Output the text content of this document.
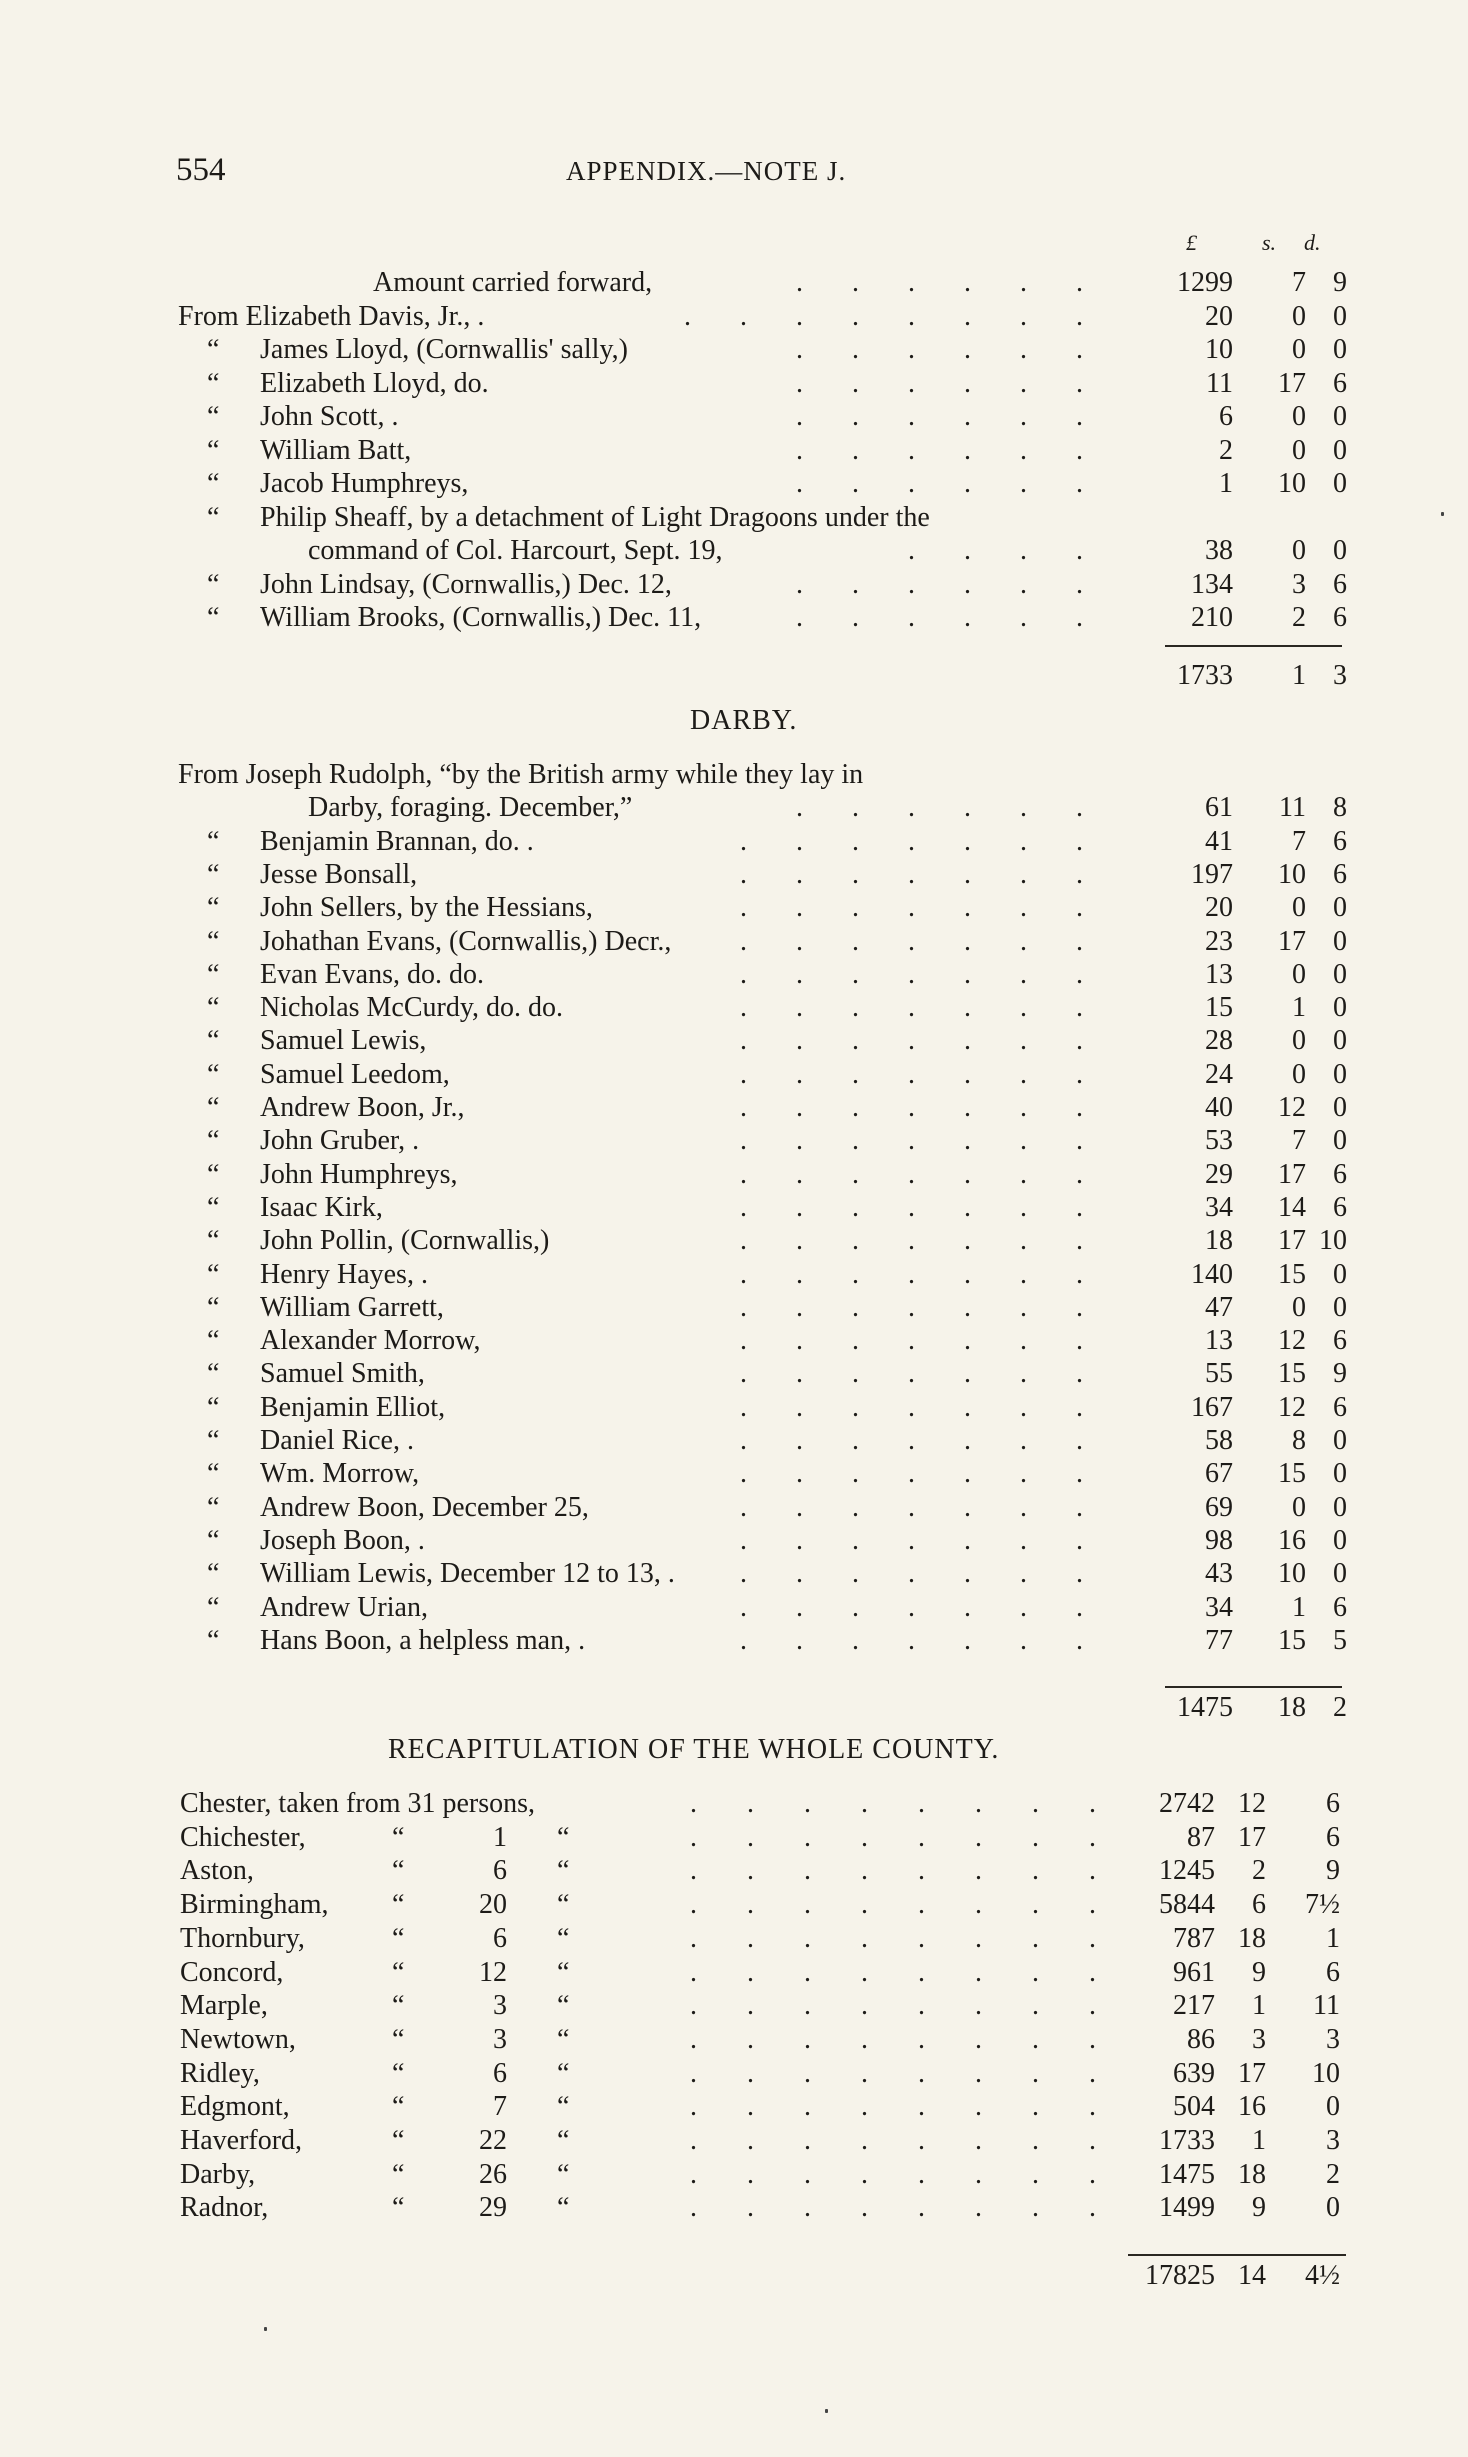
554	APPENDIX.—NOTE J.
£	s. d.
Amount carried forward,	. . . . . .	1299	7 9
From Elizabeth Davis, Jr., .	. . . . . . . .	20	0 0
“ James Lloyd, (Cornwallis' sally,)	. . . . . .	10	0 0
“ Elizabeth Lloyd, do.	. . . . . .	11	17 6
“ John Scott, .	. . . . . .	6	0 0
“ William Batt,	. . . . . .	2	0 0
“ Jacob Humphreys,	. . . . . .	1	10 0
“ Philip Sheaff, by a detachment of Light Dragoons under the
command of Col. Harcourt, Sept. 19,	. . . .	38	0 0
“ John Lindsay, (Cornwallis,) Dec. 12,	. . . . . .	134	3 6
“ William Brooks, (Cornwallis,) Dec. 11,	. . . . . .	210	2 6
1733	1 3
DARBY.
From Joseph Rudolph, “by the British army while they lay in
Darby, foraging. December,”	. . . . . .	61	11 8
“ Benjamin Brannan, do. .	. . . . . . .	41	7 6
“ Jesse Bonsall,	. . . . . . .	197	10 6
“ John Sellers, by the Hessians,	. . . . . . .	20	0 0
“ Johathan Evans, (Cornwallis,) Decr., . . . . . . .	23	17 0
“ Evan Evans, do. do.	. . . . . . .	13	0 0
“ Nicholas McCurdy, do. do.	. . . . . . .	15	1 0
“ Samuel Lewis,	. . . . . . .	28	0 0
“ Samuel Leedom,	. . . . . . .	24	0 0
“ Andrew Boon, Jr.,	. . . . . . .	40	12 0
“ John Gruber, .	. . . . . . .	53	7 0
“ John Humphreys,	. . . . . . .	29	17 6
“ Isaac Kirk,	. . . . . . .	34	14 6
“ John Pollin, (Cornwallis,)	. . . . . . .	18	17 10
“ Henry Hayes, .	. . . . . . .	140	15 0
“ William Garrett,	. . . . . . .	47	0 0
“ Alexander Morrow,	. . . . . . .	13	12 6
“ Samuel Smith,	. . . . . . .	55	15 9
“ Benjamin Elliot,	. . . . . . .	167	12 6
“ Daniel Rice, .	. . . . . . .	58	8 0
“ Wm. Morrow,	. . . . . . .	67	15 0
“ Andrew Boon, December 25,	. . . . . . .	69	0 0
“ Joseph Boon, .	. . . . . . .	98	16 0
“ William Lewis, December 12 to 13, . . . . . . . .	43	10 0
“ Andrew Urian,	. . . . . . .	34	1 6
“ Hans Boon, a helpless man, .	. . . . . . .	77	15 5
1475	18 2
RECAPITULATION OF THE WHOLE COUNTY.
Chester, taken from 31 persons,	. . . . . . . .	2742 12	6
Chichester,	“	1 “	. . . . . . . .	87 17	6
Aston,	“	6 “	. . . . . . . .	1245	2	9
Birmingham, “	20 “	. . . . . . . .	5844	6	7½
Thornbury,	“	6 “	. . . . . . . .	787 18	1
Concord,	“	12 “	. . . . . . . .	961	9	6
Marple,	“	3 “	. . . . . . . .	217	1	11
Newtown,	“	3 “	. . . . . . . .	86	3	3
Ridley,	“	6 “	. . . . . . . .	639 17	10
Edgmont,	“	7 “	. . . . . . . .	504 16	0
Haverford,	“	22 “	. . . . . . . .	1733	1	3
Darby,	“	26 “	. . . . . . . .	1475 18	2
Radnor,	“	29 “	. . . . . . . .	1499	9	0
17825 14	4½
